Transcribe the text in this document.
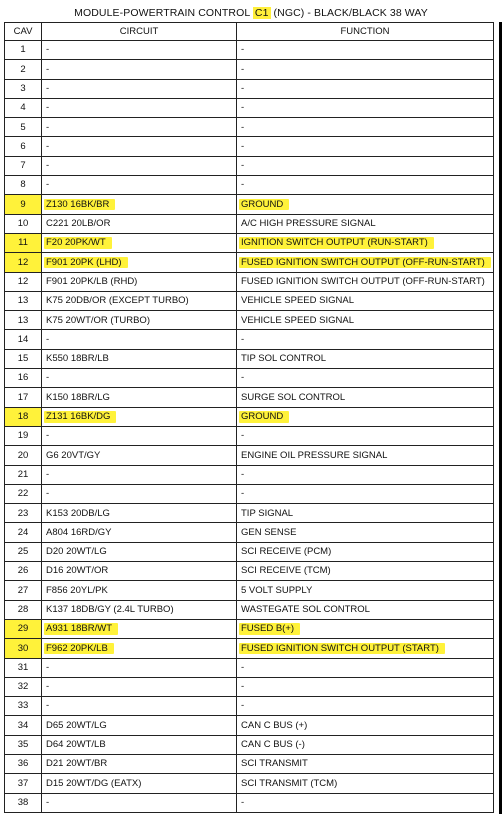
MODULE-POWERTRAIN CONTROL C1 (NGC) - BLACK/BLACK 38 WAY
CAV	CIRCUIT	FUNCTION
1	-	-
2	-	-
3	-	-
4	-	-
5	-	-
6	-	-
7	-	-
8	-	-
9	Z130 16BK/BR	GROUND
10	C221 20LB/OR	A/C HIGH PRESSURE SIGNAL
11	F20 20PK/WT	IGNITION SWITCH OUTPUT (RUN-START)
12	F901 20PK (LHD)	FUSED IGNITION SWITCH OUTPUT (OFF-RUN-START)
12	F901 20PK/LB (RHD)	FUSED IGNITION SWITCH OUTPUT (OFF-RUN-START)
13	K75 20DB/OR (EXCEPT TURBO)	VEHICLE SPEED SIGNAL
13	K75 20WT/OR (TURBO)	VEHICLE SPEED SIGNAL
14	-	-
15	K550 18BR/LB	TIP SOL CONTROL
16	-	-
17	K150 18BR/LG	SURGE SOL CONTROL
18	Z131 16BK/DG	GROUND
19	-	-
20	G6 20VT/GY	ENGINE OIL PRESSURE SIGNAL
21	-	-
22	-	-
23	K153 20DB/LG	TIP SIGNAL
24	A804 16RD/GY	GEN SENSE
25	D20 20WT/LG	SCI RECEIVE (PCM)
26	D16 20WT/OR	SCI RECEIVE (TCM)
27	F856 20YL/PK	5 VOLT SUPPLY
28	K137 18DB/GY (2.4L TURBO)	WASTEGATE SOL CONTROL
29	A931 18BR/WT	FUSED B(+)
30	F962 20PK/LB	FUSED IGNITION SWITCH OUTPUT (START)
31	-	-
32	-	-
33	-	-
34	D65 20WT/LG	CAN C BUS (+)
35	D64 20WT/LB	CAN C BUS (-)
36	D21 20WT/BR	SCI TRANSMIT
37	D15 20WT/DG (EATX)	SCI TRANSMIT (TCM)
38	-	-
